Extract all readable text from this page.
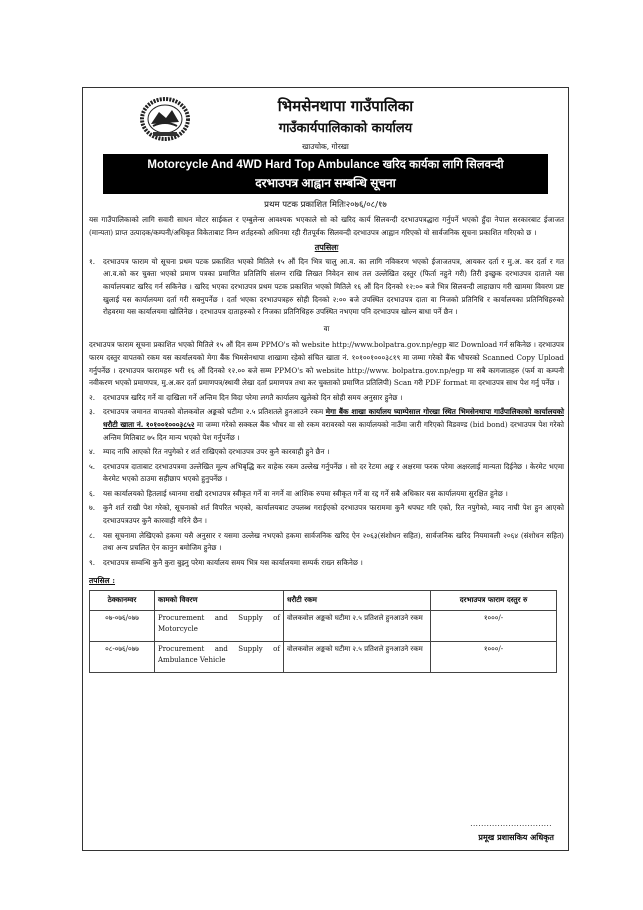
भिमसेनथापा गाउँपालिका
गाउँकार्यपालिकाको कार्यालय
खाउचोक, गोरखा
Motorcycle And 4WD Hard Top Ambulance खरिद कार्यका लागि सिलवन्दी
दरभाउपत्र आह्वान सम्बन्धि सूचना
प्रथम पटक प्रकाशित मितिः२०७६/०८/१७

यस गाउँपालिकाको लागि सवारी साधन मोटर साईकल र एम्बुलेन्स आवश्यक भएकाले सो को खरिद कार्य सिलवन्दी दरभाउपत्रद्धारा गर्नुपर्ने भएको हुँदा नेपाल सरकारबाट ईजाजत (मान्यता) प्राप्त उत्पादक/कम्पनी/अधिकृत विकेताबाट निम्न शर्तहरुको अधिनमा रही रीतपूर्वक सिलवन्दी दरभाउपत्र आह्वान गरिएको यो सार्वजनिक सूचना प्रकाशित गरिएको छ ।

तपसिलः

१.	दरभाउपत्र फाराम यो सूचना प्रथम पटक प्रकाशित भएको मितिले १५ औं दिन भित्र चालु आ.व. का लागि नविकरण भएको ईजाजतपत्र, आयकर दर्ता र मु.अ. कर दर्ता र गत आ.व.को कर चुक्ता भएको प्रमाण पत्रका प्रमाणित प्रतिलिपि संलग्न राखि लिखत निवेदन साथ तल उल्लेखित दस्तुर (फिर्ता नहुने गरी) तिरी इच्छुक दरभाउपत्र दाताले यस कार्यालयबाट खरिद गर्न सकिनेछ । खरिद भएका दरभाउपत्र प्रथम पटक प्रकाशित भएको मितिले १६ औं दिन दिनको १२:०० बजे भित्र सिलवन्दी लाहाछाप गरी खाममा विवरण प्रष्ट खुलाई यस कार्यालयमा दर्ता गरी सक्नुपर्नेछ । दर्ता भएका दरभाउपत्रहरु सोही दिनको २:०० बजे उपस्थित दरभाउपत्र दाता वा निजको प्रतिनिधि र कार्यालयका प्रतिनिधिहरुको रोहवरमा यस कार्यालयमा खोलिनेछ । दरभाउपत्र दाताहरुको र निजका प्रतिनिधिहरु उपस्थित नभएमा पनि दरभाउपत्र खोल्न बाधा पर्ने छैन ।

वा

दरभाउपत्र फाराम सूचना प्रकाशित भएको मितिले १५ औं दिन सम्म PPMO's को website http://www.bolpatra.gov.np/egp बाट Download गर्न सकिनेछ । दरभाउपत्र फारम दस्तुर वापतको रकम यस कार्यालयको मेगा बैंक भिमसेनथापा शाखामा रहेको संचित खाता नं. १०१००१०००३८१९ मा जम्मा गरेको बैंक भौचरको Scanned Copy Upload गर्नुपर्नेछ । दरभाउपत्र फारामहरु भरी १६ औं दिनको १२.०० बजे सम्म PPMO's को website http://www. bolpatra.gov.np/egp मा सबै कागजातहरु (फर्म वा कम्पनी नवीकरण भएको प्रमाणपत्र, मु.अ.कर दर्ता प्रमाणपत्र/स्थायी लेखा दर्ता प्रमाणपत्र तथा कर चुक्ताको प्रमाणित प्रतिलिपी) Scan गरी PDF format मा दरभाउपत्र साथ पेश गर्नु पर्नेछ ।

२.	दरभाउपत्र खरिद गर्ने वा दाखिला गर्ने अन्तिम दिन विदा परेमा लगतै कार्यालय खुलेको दिन सोही समय अनुसार हुनेछ ।

३.	दरभाउपत्र जमानत वापतको वोलकवोल अङ्कको घटीमा २.५ प्रतिशतले हुनआउने रकम मेगा बैंक शाखा कार्यालय घ्याम्पेसाल गोरखा स्थित भिमसेनथापा गाउँपालिकाको कार्यालयको धरौटी खाता नं. १०१००१०००३८५२ मा जम्मा गरेको सक्कल बैंक भौचर वा सो रकम वरावरको यस कार्यालयको नाउँमा जारी गरिएको विडवण्ड (bid bond) दरभाउपत्र पेश गरेको अन्तिम मितिबाट ७५ दिन मान्य भएको पेश गर्नुपर्नेछ ।

४.	म्याद नाघि आएको रित नपुगेको र शर्त राखिएको दरभाउपत्र उपर कुनै कारवाही हुने छैन ।

५.	दरभाउपत्र दाताबाट दरभाउपत्रमा उल्लेखित मूल्य अभिबृद्धि कर वाहेक रकम उल्लेख गर्नुपर्नेछ । सो दर रेटमा अङ्क र अक्षरमा फरक परेमा अक्षरलाई मान्यता दिईनेछ । केरमेट भएमा केरमेट भएको ठाउमा सहीछाप भएको हुनुपर्नेछ ।

६.	यस कार्यालयको हितलाई ध्यानमा राखी दरभाउपत्र स्वीकृत गर्ने वा नगर्ने वा आंशिक रुपमा स्वीकृत गर्ने वा रद्द गर्ने सबै अधिकार यस कार्यालयमा सुरक्षित हुनेछ ।

७.	कुनै शर्त राखी पेश गरेको, सूचनाको शर्त विपरित भएको, कार्यालयबाट उपलब्ध गराईएको दरभाउपत्र फाराममा कुनै थपघट गरि एको, रित नपुगेको, म्याद नाघी पेश हुन आएको दरभाउपत्रउपर कुनै कारवाही गरिने छैन ।

८.	यस सूचनामा लेखिएको हकमा यसै अनुसार र यसमा उल्लेख नभएको हकमा सार्वजनिक खरिद ऐन २०६३(संशोधन सहित), सार्वजनिक खरिद नियमावली २०६४ (संशोधन सहित) तथा अन्य प्रचलित ऐन कानुन बमोजिम हुनेछ ।

९.	दरभाउपत्र सम्वन्धि कुनै कुरा बुझ्नु परेमा कार्यालय समय भित्र यस कार्यालयमा सम्पर्क राख्न सकिनेछ ।

तपसिल :

ठेक्कानम्वर	कामको विवरण	धरौटी रकम	दरभाउपत्र फाराम दस्तुर रु
०७-०७६/०७७	Procurement and Supply of Motorcycle	वोलकवोल अङ्कको घटीमा २.५ प्रतिशले हुनआउने रकम	१०००/-
०८-०७६/०७७	Procurement and Supply of Ambulance Vehicle	वोलकवोल अङ्कको घटीमा २.५ प्रतिशले हुनआउने रकम	१०००/-
..............................
प्रमूख प्रशासकिय अधिकृत
